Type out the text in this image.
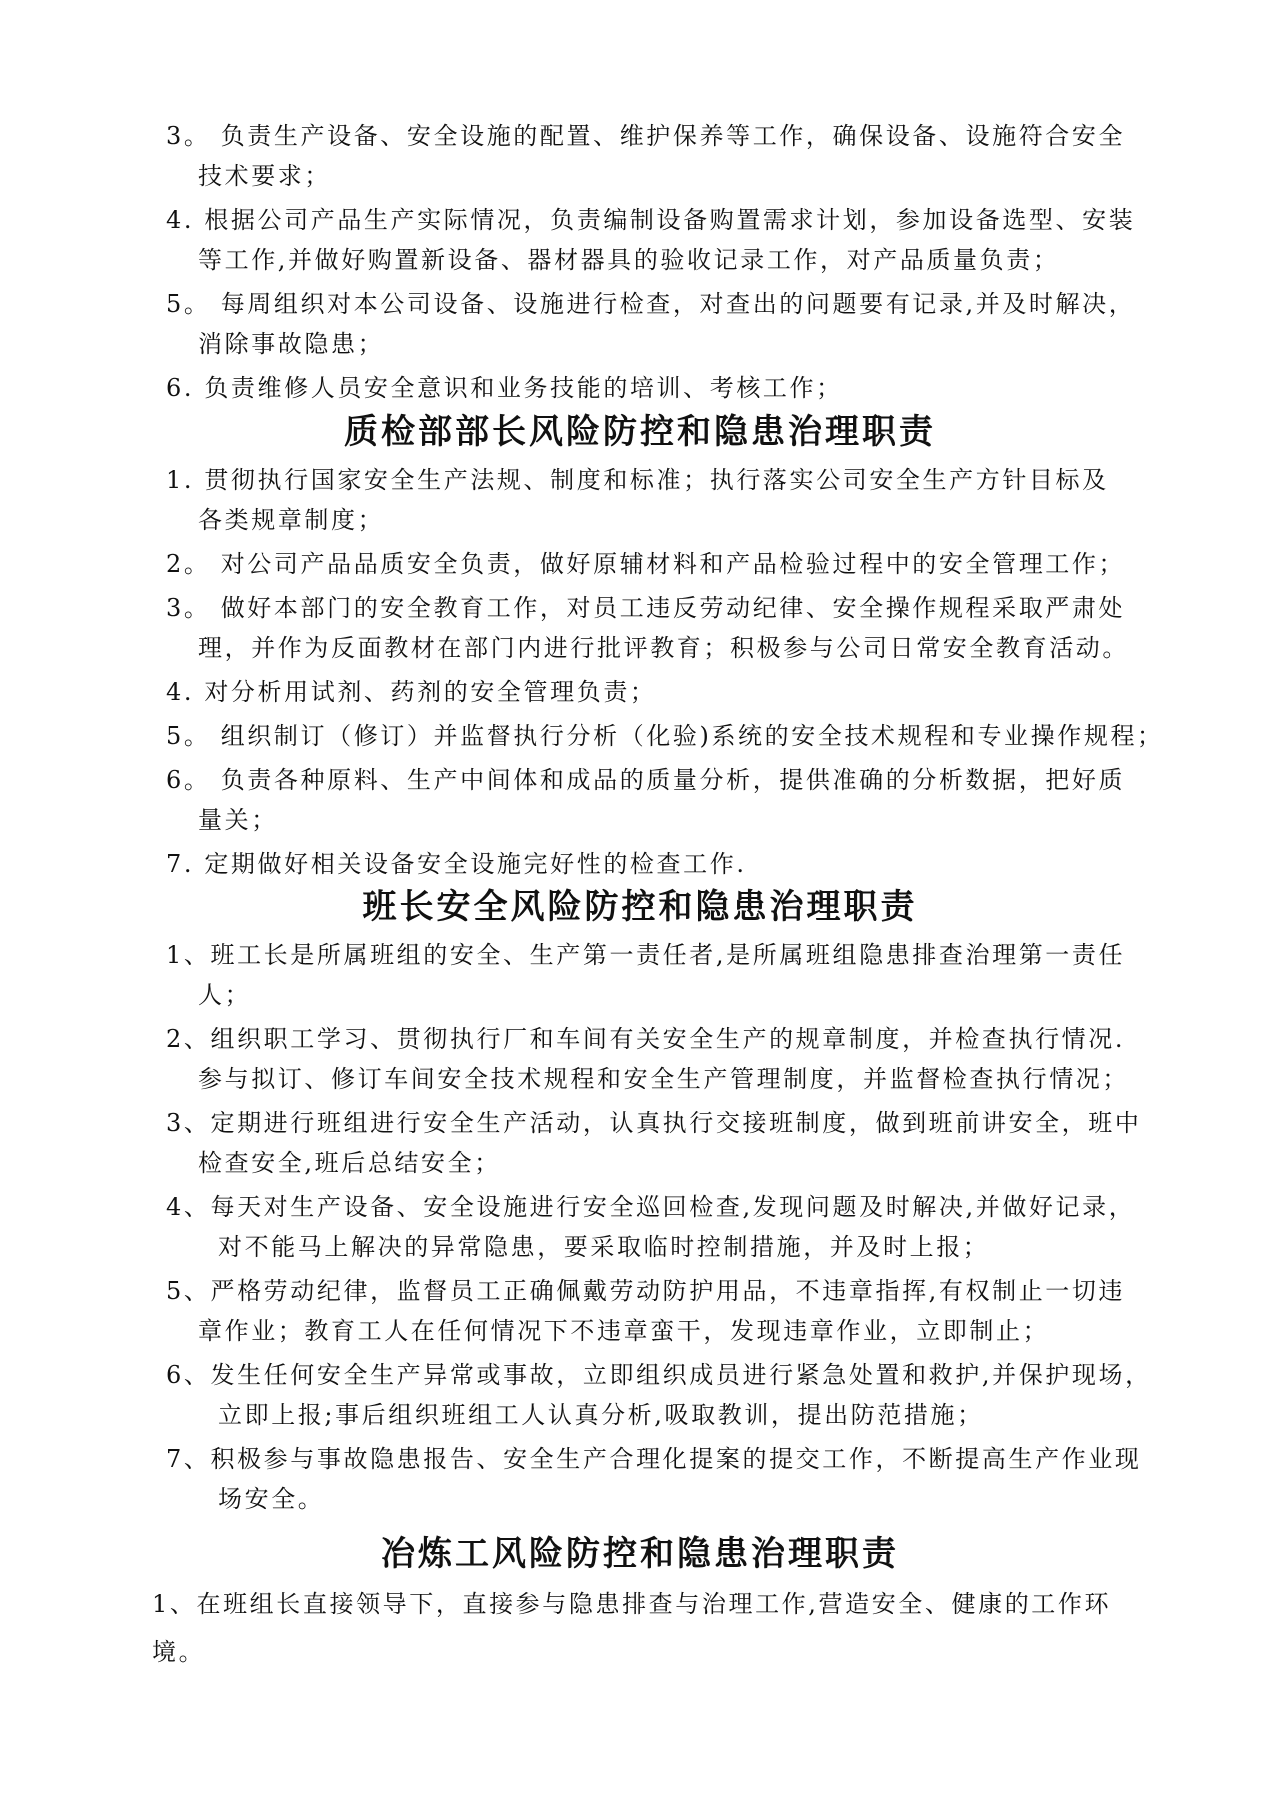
3。 负责生产设备、安全设施的配置、维护保养等工作，确保设备、设施符合安全
技术要求；
4. 根据公司产品生产实际情况，负责编制设备购置需求计划，参加设备选型、安装
等工作,并做好购置新设备、器材器具的验收记录工作，对产品质量负责；
5。 每周组织对本公司设备、设施进行检查，对查出的问题要有记录,并及时解决，
消除事故隐患；
6. 负责维修人员安全意识和业务技能的培训、考核工作；
质检部部长风险防控和隐患治理职责
1. 贯彻执行国家安全生产法规、制度和标准；执行落实公司安全生产方针目标及
各类规章制度；
2。 对公司产品品质安全负责，做好原辅材料和产品检验过程中的安全管理工作；
3。 做好本部门的安全教育工作，对员工违反劳动纪律、安全操作规程采取严肃处
理，并作为反面教材在部门内进行批评教育；积极参与公司日常安全教育活动。
4. 对分析用试剂、药剂的安全管理负责；
5。 组织制订（修订）并监督执行分析（化验)系统的安全技术规程和专业操作规程；
6。 负责各种原料、生产中间体和成品的质量分析，提供准确的分析数据，把好质
量关；
7. 定期做好相关设备安全设施完好性的检查工作.
班长安全风险防控和隐患治理职责
1、班工长是所属班组的安全、生产第一责任者,是所属班组隐患排查治理第一责任
人；
2、组织职工学习、贯彻执行厂和车间有关安全生产的规章制度，并检查执行情况.
参与拟订、修订车间安全技术规程和安全生产管理制度，并监督检查执行情况；
3、定期进行班组进行安全生产活动，认真执行交接班制度，做到班前讲安全，班中
检查安全,班后总结安全；
4、每天对生产设备、安全设施进行安全巡回检查,发现问题及时解决,并做好记录，
对不能马上解决的异常隐患，要采取临时控制措施，并及时上报；
5、严格劳动纪律，监督员工正确佩戴劳动防护用品，不违章指挥,有权制止一切违
章作业；教育工人在任何情况下不违章蛮干，发现违章作业，立即制止；
6、发生任何安全生产异常或事故，立即组织成员进行紧急处置和救护,并保护现场，
立即上报;事后组织班组工人认真分析,吸取教训，提出防范措施；
7、积极参与事故隐患报告、安全生产合理化提案的提交工作，不断提高生产作业现
场安全。
冶炼工风险防控和隐患治理职责
1、在班组长直接领导下，直接参与隐患排查与治理工作,营造安全、健康的工作环
境。
